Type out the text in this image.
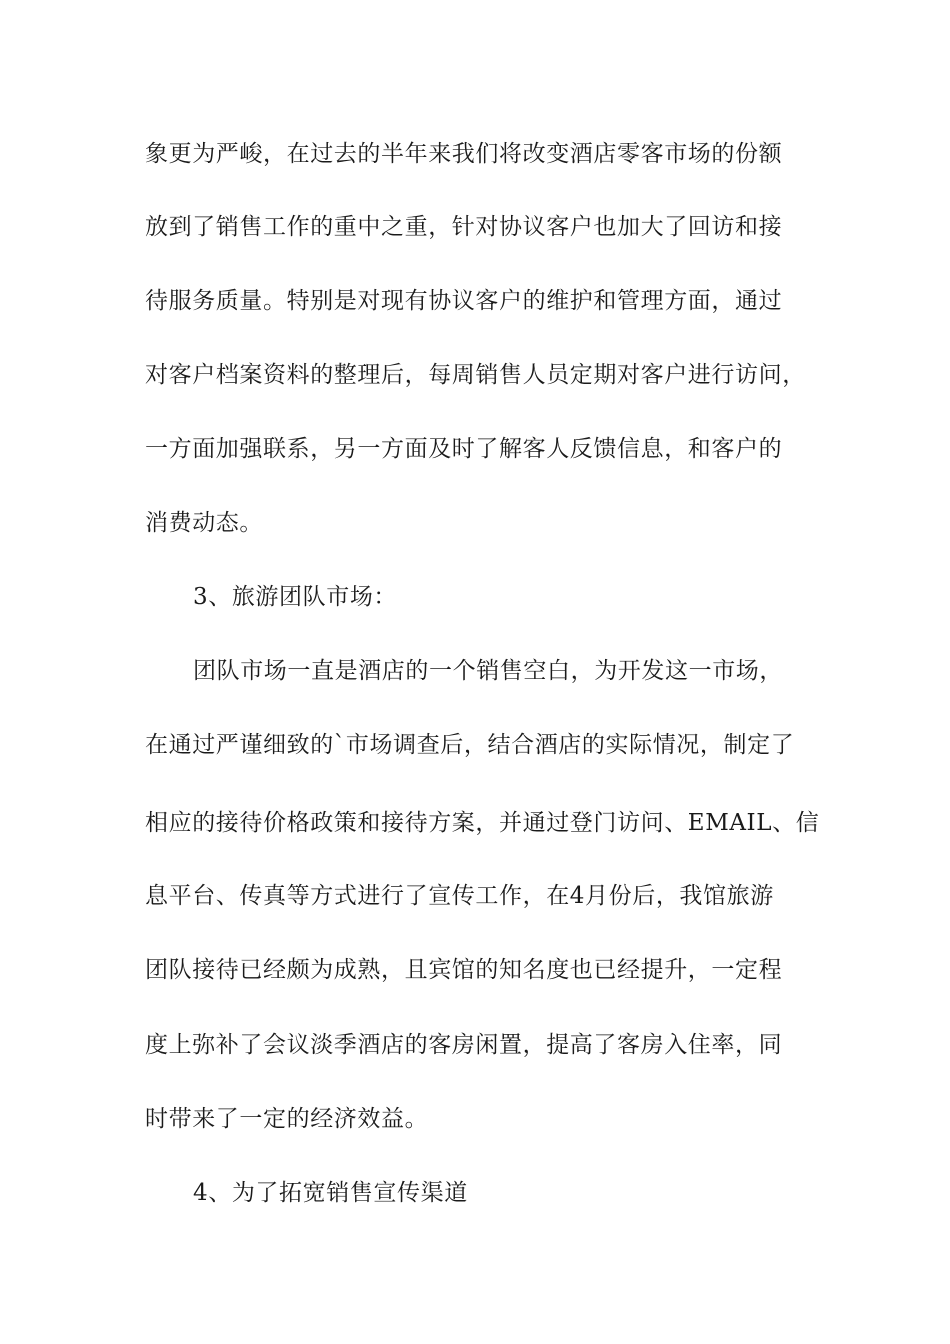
象更为严峻，在过去的半年来我们将改变酒店零客市场的份额
放到了销售工作的重中之重，针对协议客户也加大了回访和接
待服务质量。特别是对现有协议客户的维护和管理方面，通过
对客户档案资料的整理后，每周销售人员定期对客户进行访问，
一方面加强联系，另一方面及时了解客人反馈信息，和客户的
消费动态。
3、旅游团队市场：
团队市场一直是酒店的一个销售空白，为开发这一市场，
在通过严谨细致的`市场调查后，结合酒店的实际情况，制定了
相应的接待价格政策和接待方案，并通过登门访问、EMAIL、信
息平台、传真等方式进行了宣传工作，在4月份后，我馆旅游
团队接待已经颇为成熟，且宾馆的知名度也已经提升，一定程
度上弥补了会议淡季酒店的客房闲置，提高了客房入住率，同
时带来了一定的经济效益。
4、为了拓宽销售宣传渠道
